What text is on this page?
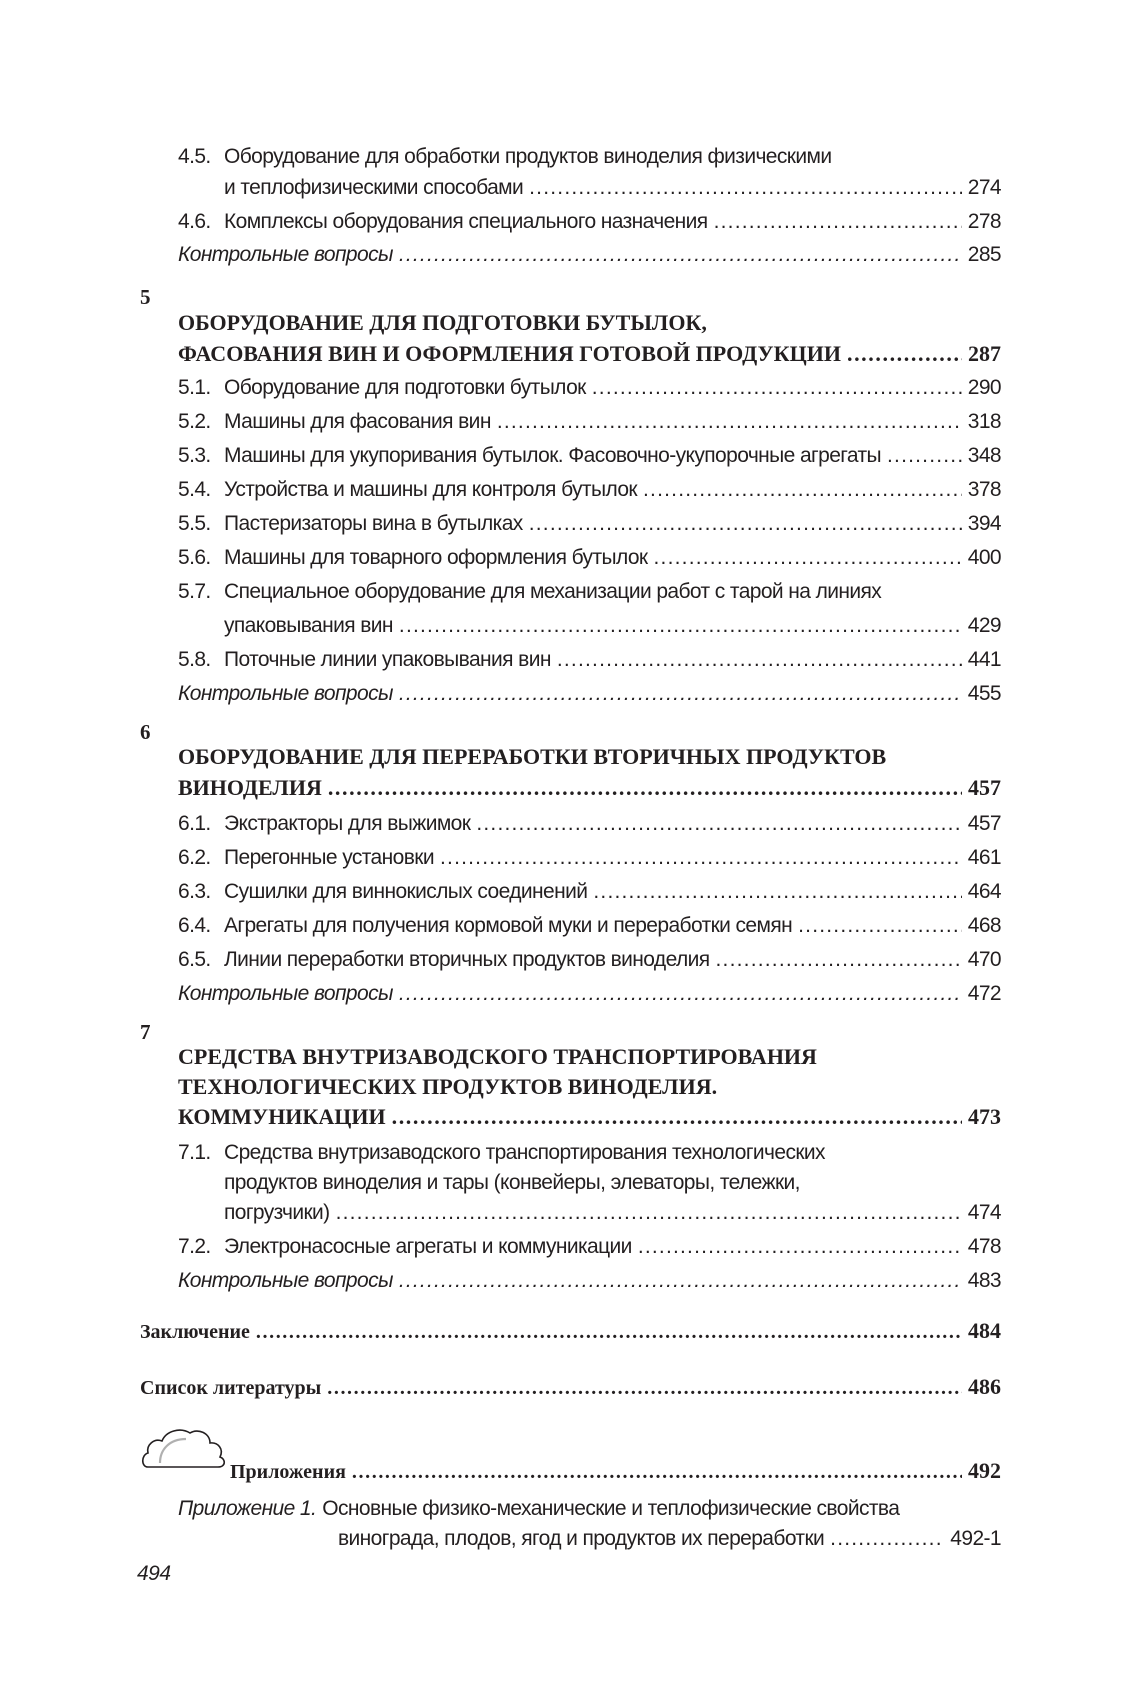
4.5. Оборудование для обработки продуктов виноделия физическими
и теплофизическими способами .....	274
4.6. Комплексы оборудования специального назначения .....	278
Контрольные вопросы .....	285
5
ОБОРУДОВАНИЕ ДЛЯ ПОДГОТОВКИ БУТЫЛОК,
ФАСОВАНИЯ ВИН И ОФОРМЛЕНИЯ ГОТОВОЙ ПРОДУКЦИИ .....	287
5.1. Оборудование для подготовки бутылок .....	290
5.2. Машины для фасования вин .....	318
5.3. Машины для укупоривания бутылок. Фасовочно-укупорочные агрегаты .....	348
5.4. Устройства и машины для контроля бутылок .....	378
5.5. Пастеризаторы вина в бутылках .....	394
5.6. Машины для товарного оформления бутылок .....	400
5.7. Специальное оборудование для механизации работ с тарой на линиях
упаковывания вин .....	429
5.8. Поточные линии упаковывания вин .....	441
Контрольные вопросы .....	455
6
ОБОРУДОВАНИЕ ДЛЯ ПЕРЕРАБОТКИ ВТОРИЧНЫХ ПРОДУКТОВ
ВИНОДЕЛИЯ .....	457
6.1. Экстракторы для выжимок .....	457
6.2. Перегонные установки .....	461
6.3. Сушилки для виннокислых соединений .....	464
6.4. Агрегаты для получения кормовой муки и переработки семян .....	468
6.5. Линии переработки вторичных продуктов виноделия .....	470
Контрольные вопросы .....	472
7
СРЕДСТВА ВНУТРИЗАВОДСКОГО ТРАНСПОРТИРОВАНИЯ
ТЕХНОЛОГИЧЕСКИХ ПРОДУКТОВ ВИНОДЕЛИЯ.
КОММУНИКАЦИИ .....	473
7.1. Средства внутризаводского транспортирования технологических
продуктов виноделия и тары (конвейеры, элеваторы, тележки,
погрузчики) .....	474
7.2. Электронасосные агрегаты и коммуникации .....	478
Контрольные вопросы .....	483
Заключение .....	484
Список литературы .....	486
Приложения .....	492
Приложение 1. Основные физико-механические и теплофизические свойства
винограда, плодов, ягод и продуктов их переработки .....	492-1
494
